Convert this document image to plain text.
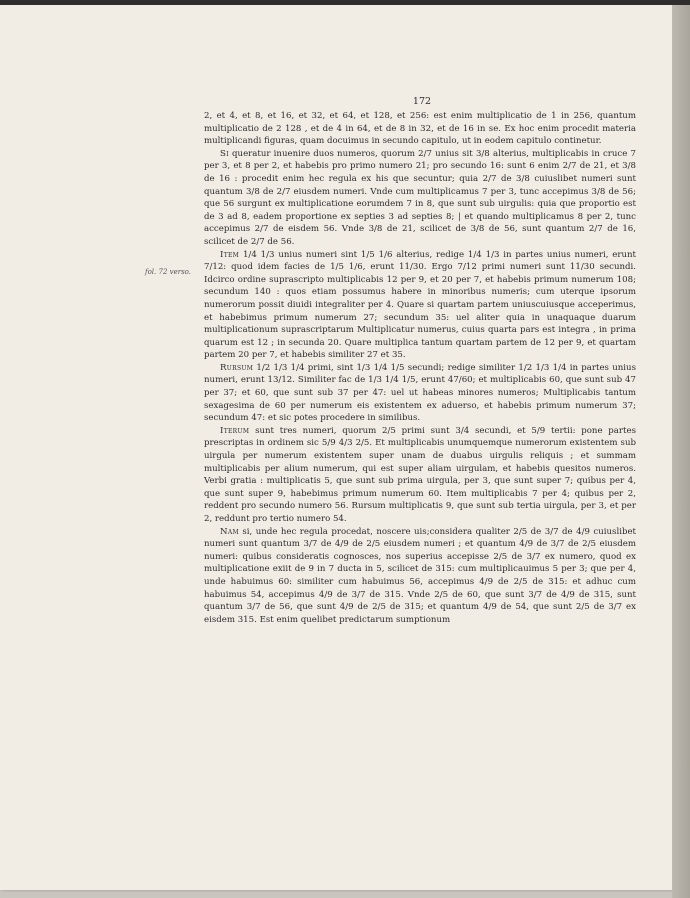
172
fol. 72 verso.

2, et 4, et 8, et 16, et 32, et 64, et 128, et 256: est enim multiplicatio de 1 in 256, quantum multiplicatio de 2 128 , et de 4 in 64, et de 8 in 32, et de 16 in se. Ex hoc enim procedit materia multiplicandi figuras, quam docuimus in secundo capitulo, ut in eodem capitulo continetur.

Si queratur inuenire duos numeros, quorum 2/7 unius sit 3/8 alterius, multiplicabis in cruce 7 per 3, et 8 per 2, et habebis pro primo numero 21; pro secundo 16: sunt 6 enim 2/7 de 21, et 3/8 de 16 : procedit enim hec regula ex his que secuntur; quia 2/7 de 3/8 cuiuslibet numeri sunt quantum 3/8 de 2/7 eiusdem numeri. Vnde cum multiplicamus 7 per 3, tunc accepimus 3/8 de 56; que 56 surgunt ex multiplicatione eorumdem 7 in 8, que sunt sub uirgulis: quia que proportio est de 3 ad 8, eadem proportione ex septies 3 ad septies 8; | et quando multiplicamus 8 per 2, tunc accepimus 2/7 de eisdem 56. Vnde 3/8 de 21, scilicet de 3/8 de 56, sunt quantum 2/7 de 16, scilicet de 2/7 de 56.

Item 1/4 1/3 unius numeri sint 1/5 1/6 alterius, redige 1/4 1/3 in partes unius numeri, erunt 7/12: quod idem facies de 1/5 1/6, erunt 11/30. Ergo 7/12 primi numeri sunt 11/30 secundi. Idcirco ordine suprascripto multiplicabis 12 per 9, et 20 per 7, et habebis primum numerum 108; secundum 140 : quos etiam possumus habere in minoribus numeris; cum uterque ipsorum numerorum possit diuidi integraliter per 4. Quare si quartam partem uniuscuiusque acceperimus, et habebimus primum numerum 27; secundum 35: uel aliter quia in unaquaque duarum multiplicationum suprascriptarum Multiplicatur numerus, cuius quarta pars est integra , in prima quarum est 12 ; in secunda 20. Quare multiplica tantum quartam partem de 12 per 9, et quartam partem 20 per 7, et habebis similiter 27 et 35.

Rursum 1/2 1/3 1/4 primi, sint 1/3 1/4 1/5 secundi; redige similiter 1/2 1/3 1/4 in partes unius numeri, erunt 13/12. Similiter fac de 1/3 1/4 1/5, erunt 47/60; et multiplicabis 60, que sunt sub 47 per 37; et 60, que sunt sub 37 per 47: uel ut habeas minores numeros; Multiplicabis tantum sexagesima de 60 per numerum eis existentem ex aduerso, et habebis primum numerum 37; secundum 47: et sic potes procedere in similibus.

Iterum sunt tres numeri, quorum 2/5 primi sunt 3/4 secundi, et 5/9 tertii: pone partes prescriptas in ordinem sic 5/9 4/3 2/5. Et multiplicabis unumquemque numerorum existentem sub uirgula per numerum existentem super unam de duabus uirgulis reliquis ; et summam multiplicabis per alium numerum, qui est super aliam uirgulam, et habebis quesitos numeros. Verbi gratia : multiplicatis 5, que sunt sub prima uirgula, per 3, que sunt super 7; quibus per 4, que sunt super 9, habebimus primum numerum 60. Item multiplicabis 7 per 4; quibus per 2, reddent pro secundo numero 56. Rursum multiplicatis 9, que sunt sub tertia uirgula, per 3, et per 2, reddunt pro tertio numero 54.

Nam si, unde hec regula procedat, noscere uis;considera qualiter 2/5 de 3/7 de 4/9 cuiuslibet numeri sunt quantum 3/7 de 4/9 de 2/5 eiusdem numeri ; et quantum 4/9 de 3/7 de 2/5 eiusdem numeri: quibus consideratis cognosces, nos superius accepisse 2/5 de 3/7 ex numero, quod ex multiplicatione exiit de 9 in 7 ducta in 5, scilicet de 315: cum multiplicauimus 5 per 3; que per 4, unde habuimus 60: similiter cum habuimus 56, accepimus 4/9 de 2/5 de 315: et adhuc cum habuimus 54, accepimus 4/9 de 3/7 de 315. Vnde 2/5 de 60, que sunt 3/7 de 4/9 de 315, sunt quantum 3/7 de 56, que sunt 4/9 de 2/5 de 315; et quantum 4/9 de 54, que sunt 2/5 de 3/7 ex eisdem 315. Est enim quelibet predictarum sumptionum
